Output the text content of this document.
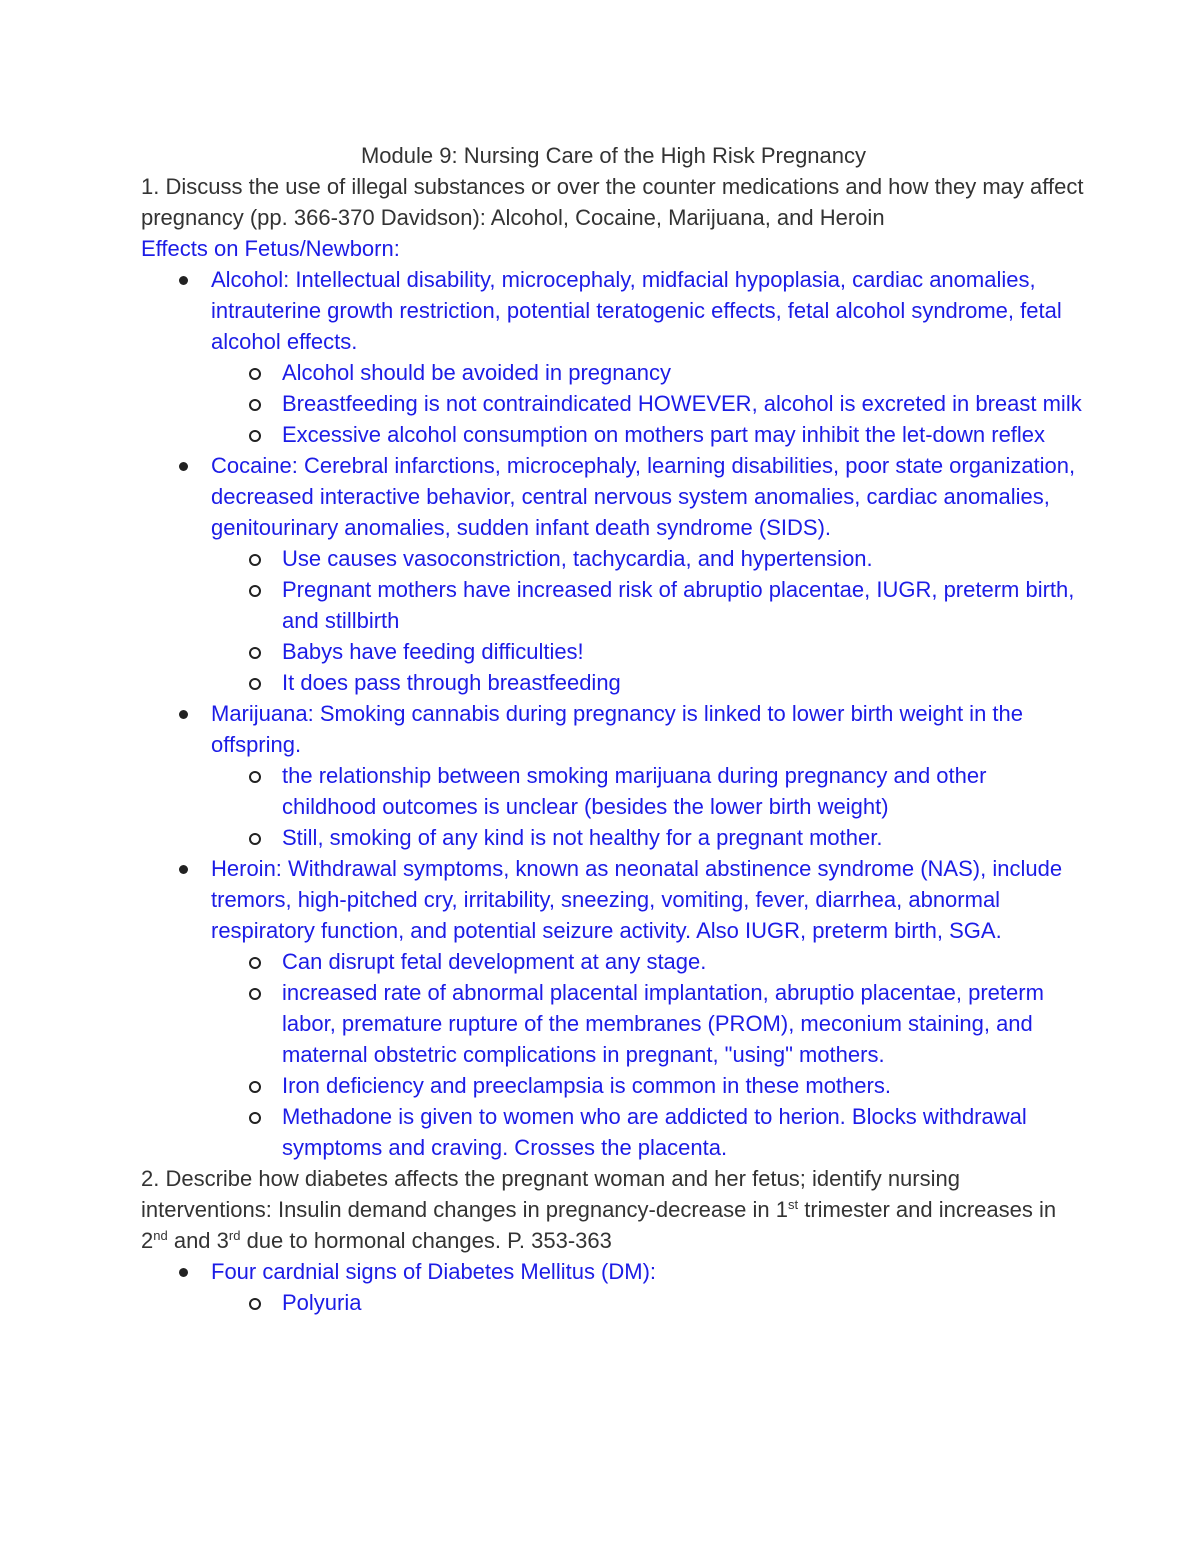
Module 9: Nursing Care of the High Risk Pregnancy

1. Discuss the use of illegal substances or over the counter medications and how they may affect pregnancy (pp. 366-370 Davidson): Alcohol, Cocaine, Marijuana, and Heroin

Effects on Fetus/Newborn:

Alcohol: Intellectual disability, microcephaly, midfacial hypoplasia, cardiac anomalies, intrauterine growth restriction, potential teratogenic effects, fetal alcohol syndrome, fetal alcohol effects.
Alcohol should be avoided in pregnancy
Breastfeeding is not contraindicated HOWEVER, alcohol is excreted in breast milk
Excessive alcohol consumption on mothers part may inhibit the let-down reflex
Cocaine: Cerebral infarctions, microcephaly, learning disabilities, poor state organization, decreased interactive behavior, central nervous system anomalies, cardiac anomalies, genitourinary anomalies, sudden infant death syndrome (SIDS).
Use causes vasoconstriction, tachycardia, and hypertension.
Pregnant mothers have increased risk of abruptio placentae, IUGR, preterm birth, and stillbirth
Babys have feeding difficulties!
It does pass through breastfeeding
Marijuana: Smoking cannabis during pregnancy is linked to lower birth weight in the offspring.
the relationship between smoking marijuana during pregnancy and other childhood outcomes is unclear (besides the lower birth weight)
Still, smoking of any kind is not healthy for a pregnant mother.
Heroin: Withdrawal symptoms, known as neonatal abstinence syndrome (NAS), include tremors, high-pitched cry, irritability, sneezing, vomiting, fever, diarrhea, abnormal respiratory function, and potential seizure activity. Also IUGR, preterm birth, SGA.
Can disrupt fetal development at any stage.
increased rate of abnormal placental implantation, abruptio placentae, preterm labor, premature rupture of the membranes (PROM), meconium staining, and maternal obstetric complications in pregnant, "using" mothers.
Iron deficiency and preeclampsia is common in these mothers.
Methadone is given to women who are addicted to herion. Blocks withdrawal symptoms and craving. Crosses the placenta.

2. Describe how diabetes affects the pregnant woman and her fetus; identify nursing interventions: Insulin demand changes in pregnancy-decrease in 1st trimester and increases in 2nd and 3rd due to hormonal changes. P. 353-363

Four cardnial signs of Diabetes Mellitus (DM):
Polyuria
